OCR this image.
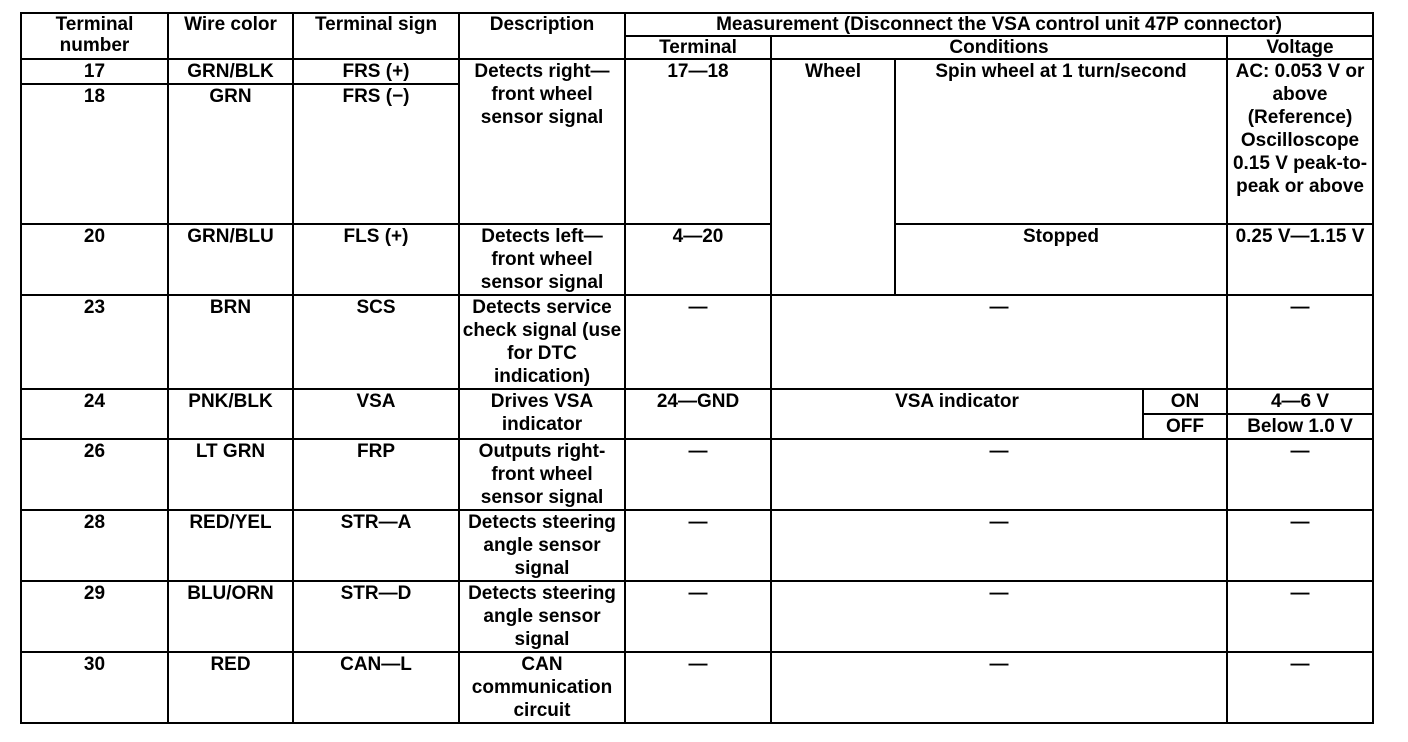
Terminal number	Wire color	Terminal sign	Description	Measurement (Disconnect the VSA control unit 47P connector)				
				Terminal	Conditions			Voltage
17	GRN/BLK	FRS (+)	Detects right—front wheel sensor signal	17—18	Wheel	Spin wheel at 1 turn/second		AC: 0.053 V or above (Reference) Oscilloscope 0.15 V peak-to-peak or above
18	GRN	FRS (−)						
20	GRN/BLU	FLS (+)	Detects left—front wheel sensor signal	4—20		Stopped		0.25 V—1.15 V
23	BRN	SCS	Detects service check signal (use for DTC indication)	—	—			—
24	PNK/BLK	VSA	Drives VSA indicator	24—GND	VSA indicator		ON	4—6 V
							OFF	Below 1.0 V
26	LT GRN	FRP	Outputs right-front wheel sensor signal	—	—			—
28	RED/YEL	STR—A	Detects steering angle sensor signal	—	—			—
29	BLU/ORN	STR—D	Detects steering angle sensor signal	—	—			—
30	RED	CAN—L	CAN communication circuit	—	—			—
